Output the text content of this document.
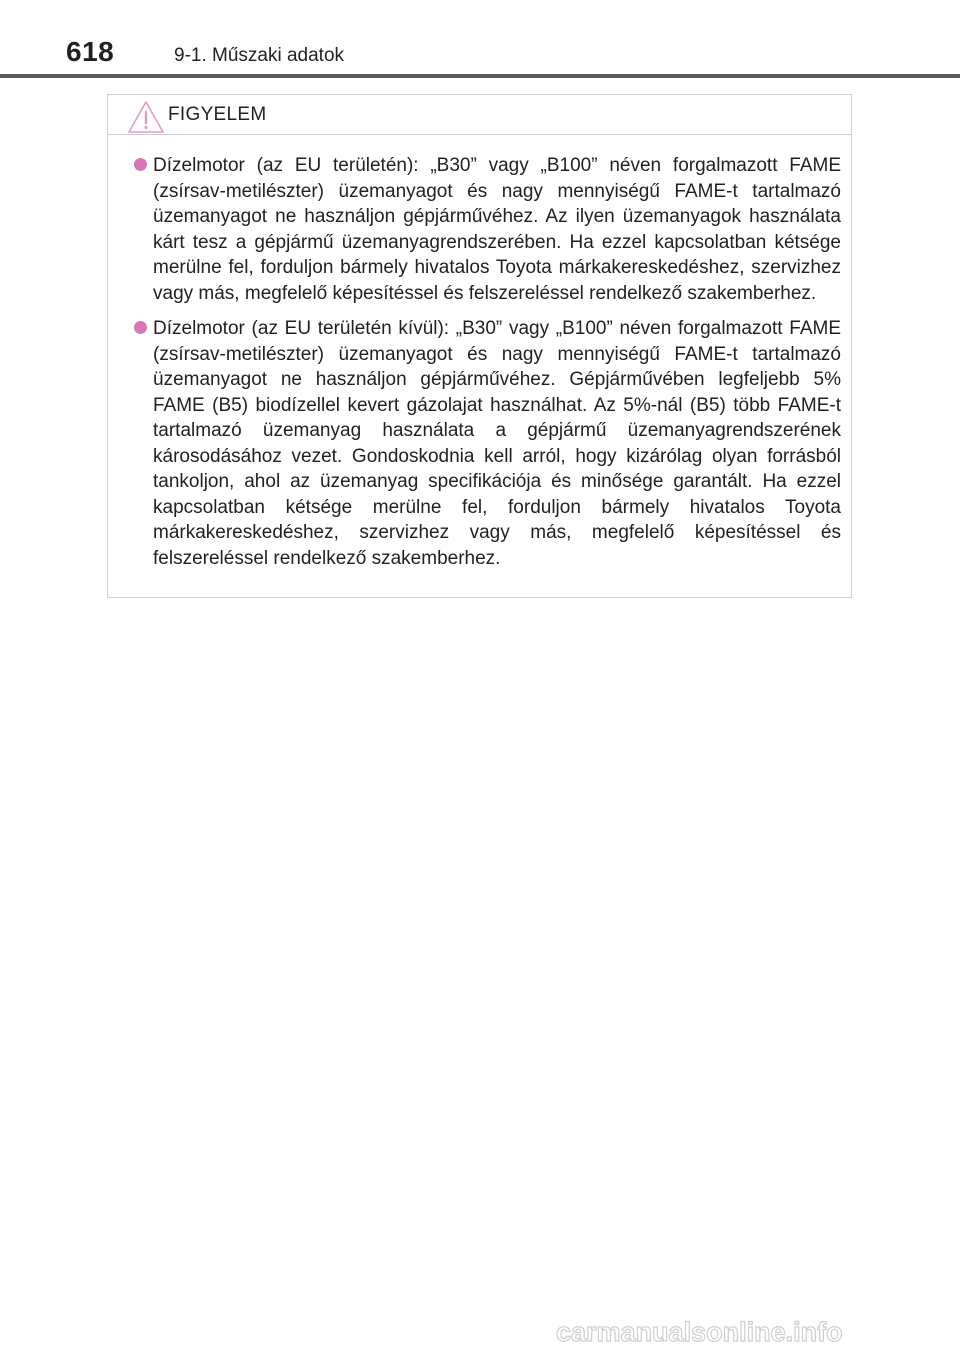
618	9-1. Műszaki adatok
FIGYELEM

Dízelmotor (az EU területén): „B30” vagy „B100” néven forgalmazott FAME (zsírsav-metilészter) üzemanyagot és nagy mennyiségű FAME-t tartalmazó üzemanyagot ne használjon gépjárművéhez. Az ilyen üzemanyagok használata kárt tesz a gépjármű üzemanyagrendszerében. Ha ezzel kapcsolatban kétsége merülne fel, forduljon bármely hivatalos Toyota márkakereskedéshez, szervizhez vagy más, megfelelő képesítéssel és felszereléssel rendelkező szakemberhez.

Dízelmotor (az EU területén kívül): „B30” vagy „B100” néven forgalmazott FAME (zsírsav-metilészter) üzemanyagot és nagy mennyiségű FAME-t tartalmazó üzemanyagot ne használjon gépjárművéhez. Gépjárművében legfeljebb 5% FAME (B5) biodízellel kevert gázolajat használhat. Az 5%-nál (B5) több FAME-t tartalmazó üzemanyag használata a gépjármű üzemanyagrendszerének károsodásához vezet. Gondoskodnia kell arról, hogy kizárólag olyan forrásból tankoljon, ahol az üzemanyag specifikációja és minősége garantált. Ha ezzel kapcsolatban kétsége merülne fel, forduljon bármely hivatalos Toyota márkakereskedéshez, szervizhez vagy más, megfelelő képesítéssel és felszereléssel rendelkező szakemberhez.

carmanualsonline.info
